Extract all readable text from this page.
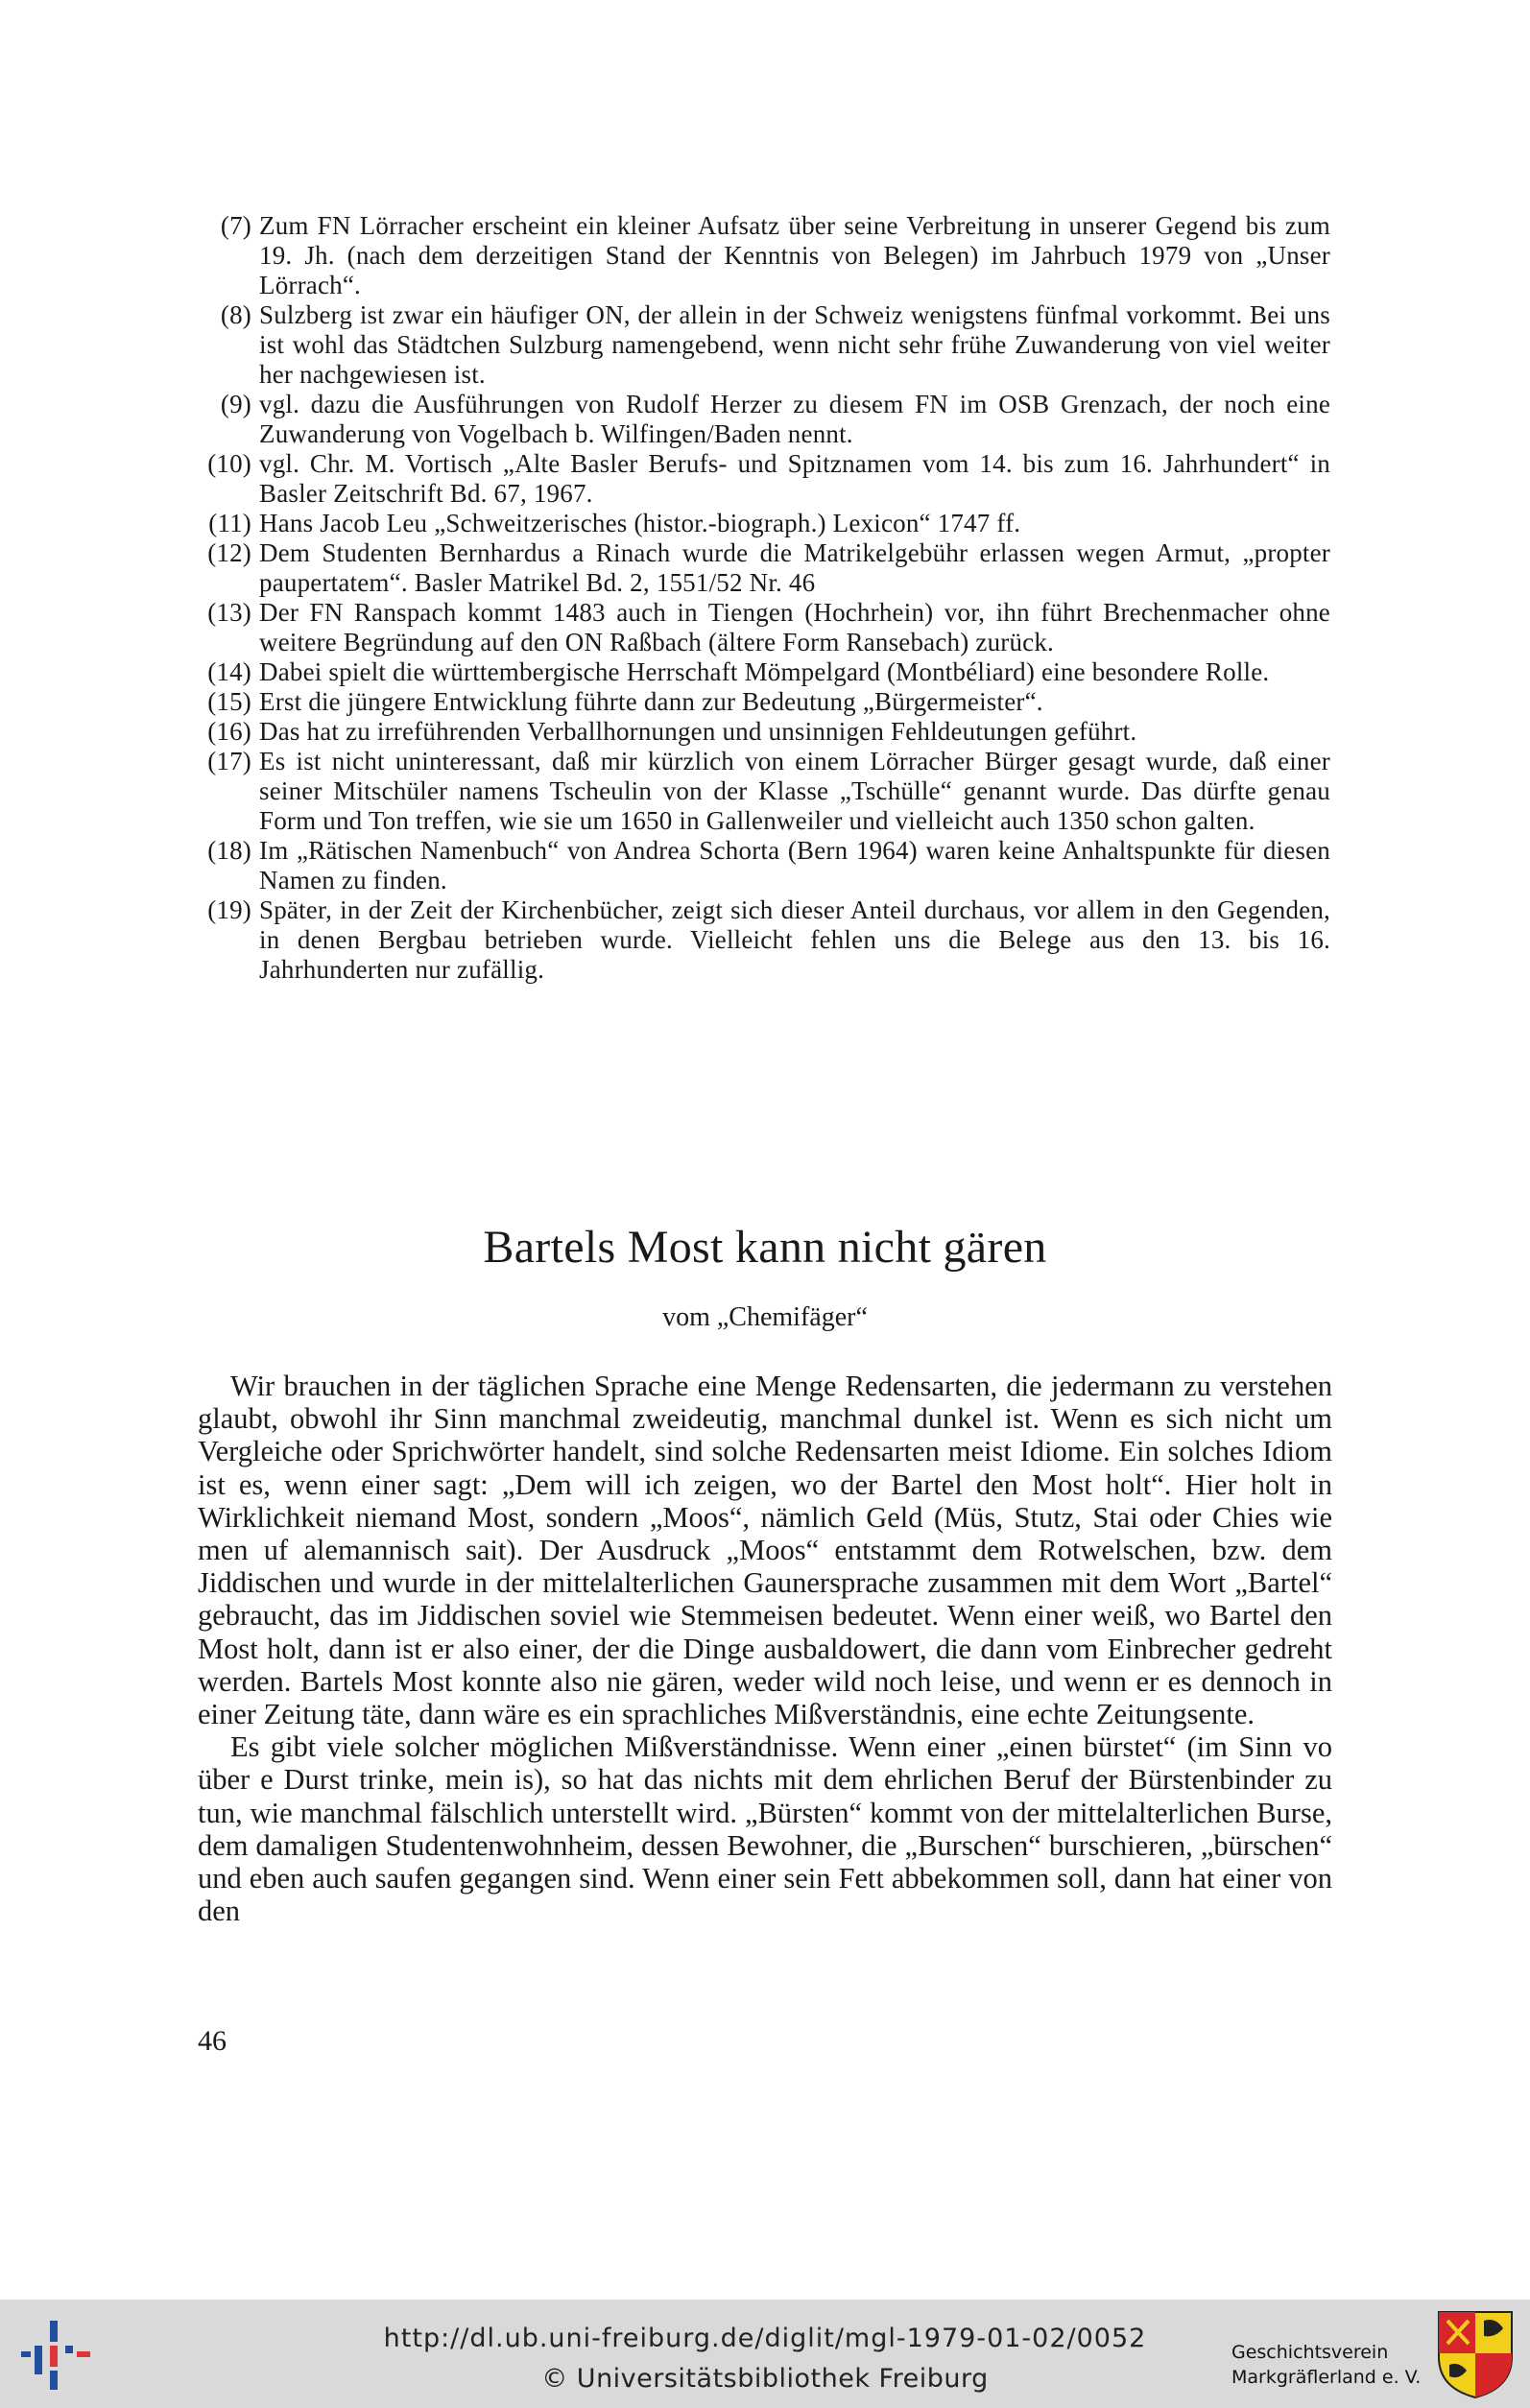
(7) Zum FN Lörracher erscheint ein kleiner Aufsatz über seine Verbreitung in unserer Gegend bis zum 19. Jh. (nach dem derzeitigen Stand der Kenntnis von Belegen) im Jahrbuch 1979 von „Unser Lörrach“.
(8) Sulzberg ist zwar ein häufiger ON, der allein in der Schweiz wenigstens fünfmal vorkommt. Bei uns ist wohl das Städtchen Sulzburg namengebend, wenn nicht sehr frühe Zuwanderung von viel weiter her nachgewiesen ist.
(9) vgl. dazu die Ausführungen von Rudolf Herzer zu diesem FN im OSB Grenzach, der noch eine Zuwanderung von Vogelbach b. Wilfingen/Baden nennt.
(10) vgl. Chr. M. Vortisch „Alte Basler Berufs- und Spitznamen vom 14. bis zum 16. Jahrhundert“ in Basler Zeitschrift Bd. 67, 1967.
(11) Hans Jacob Leu „Schweitzerisches (histor.-biograph.) Lexicon“ 1747 ff.
(12) Dem Studenten Bernhardus a Rinach wurde die Matrikelgebühr erlassen wegen Armut, „propter paupertatem“. Basler Matrikel Bd. 2, 1551/52 Nr. 46
(13) Der FN Ranspach kommt 1483 auch in Tiengen (Hochrhein) vor, ihn führt Brechenmacher ohne weitere Begründung auf den ON Raßbach (ältere Form Ransebach) zurück.
(14) Dabei spielt die württembergische Herrschaft Mömpelgard (Montbéliard) eine besondere Rolle.
(15) Erst die jüngere Entwicklung führte dann zur Bedeutung „Bürgermeister“.
(16) Das hat zu irreführenden Verballhornungen und unsinnigen Fehldeutungen geführt.
(17) Es ist nicht uninteressant, daß mir kürzlich von einem Lörracher Bürger gesagt wurde, daß einer seiner Mitschüler namens Tscheulin von der Klasse „Tschülle“ genannt wurde. Das dürfte genau Form und Ton treffen, wie sie um 1650 in Gallenweiler und vielleicht auch 1350 schon galten.
(18) Im „Rätischen Namenbuch“ von Andrea Schorta (Bern 1964) waren keine Anhaltspunkte für diesen Namen zu finden.
(19) Später, in der Zeit der Kirchenbücher, zeigt sich dieser Anteil durchaus, vor allem in den Gegenden, in denen Bergbau betrieben wurde. Vielleicht fehlen uns die Belege aus den 13. bis 16. Jahrhunderten nur zufällig.
Bartels Most kann nicht gären
vom „Chemifäger“

Wir brauchen in der täglichen Sprache eine Menge Redensarten, die jedermann zu verstehen glaubt, obwohl ihr Sinn manchmal zweideutig, manchmal dunkel ist. Wenn es sich nicht um Vergleiche oder Sprichwörter handelt, sind solche Redensarten meist Idiome. Ein solches Idiom ist es, wenn einer sagt: „Dem will ich zeigen, wo der Bartel den Most holt“. Hier holt in Wirklichkeit niemand Most, sondern „Moos“, nämlich Geld (Müs, Stutz, Stai oder Chies wie men uf alemannisch sait). Der Ausdruck „Moos“ entstammt dem Rotwelschen, bzw. dem Jiddischen und wurde in der mittelalterlichen Gaunersprache zusammen mit dem Wort „Bartel“ gebraucht, das im Jiddischen soviel wie Stemmeisen bedeutet. Wenn einer weiß, wo Bartel den Most holt, dann ist er also einer, der die Dinge ausbaldowert, die dann vom Einbrecher gedreht werden. Bartels Most konnte also nie gären, weder wild noch leise, und wenn er es dennoch in einer Zeitung täte, dann wäre es ein sprachliches Mißverständnis, eine echte Zeitungsente.

Es gibt viele solcher möglichen Mißverständnisse. Wenn einer „einen bürstet“ (im Sinn vo über e Durst trinke, mein is), so hat das nichts mit dem ehrlichen Beruf der Bürstenbinder zu tun, wie manchmal fälschlich unterstellt wird. „Bürsten“ kommt von der mittelalterlichen Burse, dem damaligen Studentenwohnheim, dessen Bewohner, die „Burschen“ burschieren, „bürschen“ und eben auch saufen gegangen sind. Wenn einer sein Fett abbekommen soll, dann hat einer von den

46
http://dl.ub.uni-freiburg.de/diglit/mgl-1979-01-02/0052
© Universitätsbibliothek Freiburg
Geschichtsverein
Markgräflerland e. V.
